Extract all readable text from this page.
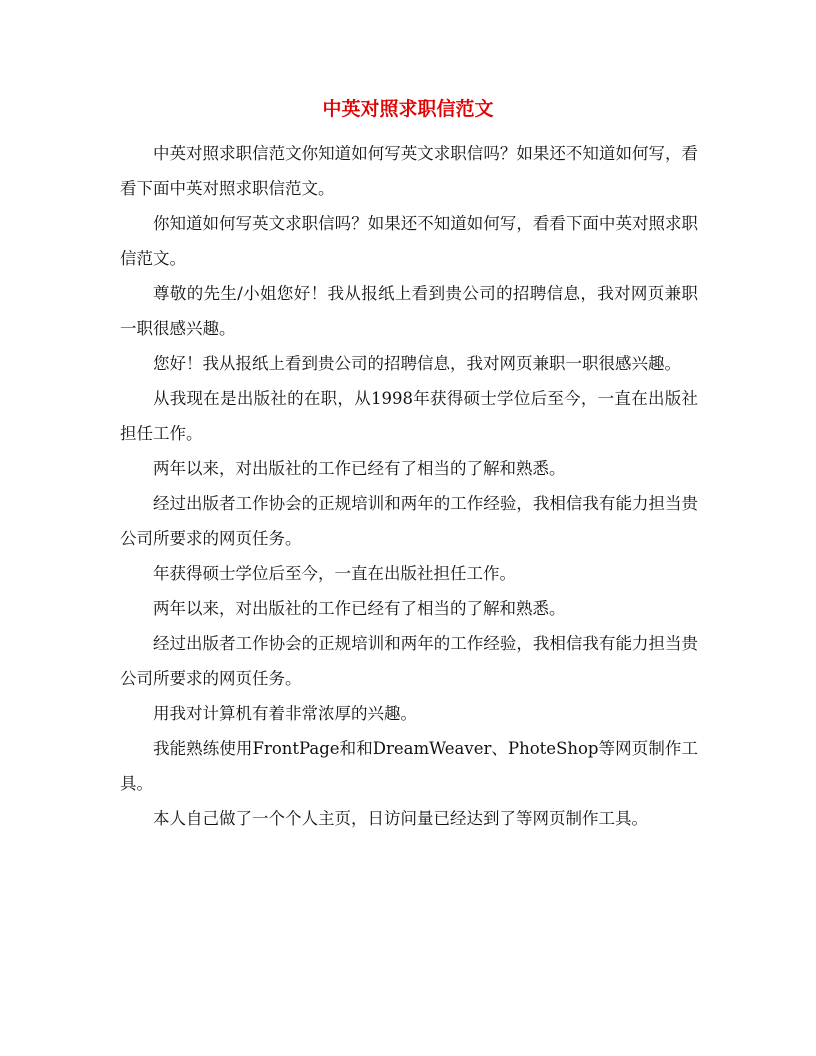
中英对照求职信范文

中英对照求职信范文你知道如何写英文求职信吗？如果还不知道如何写，看看下面中英对照求职信范文。

你知道如何写英文求职信吗？如果还不知道如何写，看看下面中英对照求职信范文。

尊敬的先生/小姐您好！我从报纸上看到贵公司的招聘信息，我对网页兼职一职很感兴趣。

您好！我从报纸上看到贵公司的招聘信息，我对网页兼职一职很感兴趣。

从我现在是出版社的在职，从1998年获得硕士学位后至今，一直在出版社担任工作。

两年以来，对出版社的工作已经有了相当的了解和熟悉。

经过出版者工作协会的正规培训和两年的工作经验，我相信我有能力担当贵公司所要求的网页任务。

年获得硕士学位后至今，一直在出版社担任工作。

两年以来，对出版社的工作已经有了相当的了解和熟悉。

经过出版者工作协会的正规培训和两年的工作经验，我相信我有能力担当贵公司所要求的网页任务。

用我对计算机有着非常浓厚的兴趣。

我能熟练使用FrontPage和和DreamWeaver、PhoteShop等网页制作工具。

本人自己做了一个个人主页，日访问量已经达到了等网页制作工具。
